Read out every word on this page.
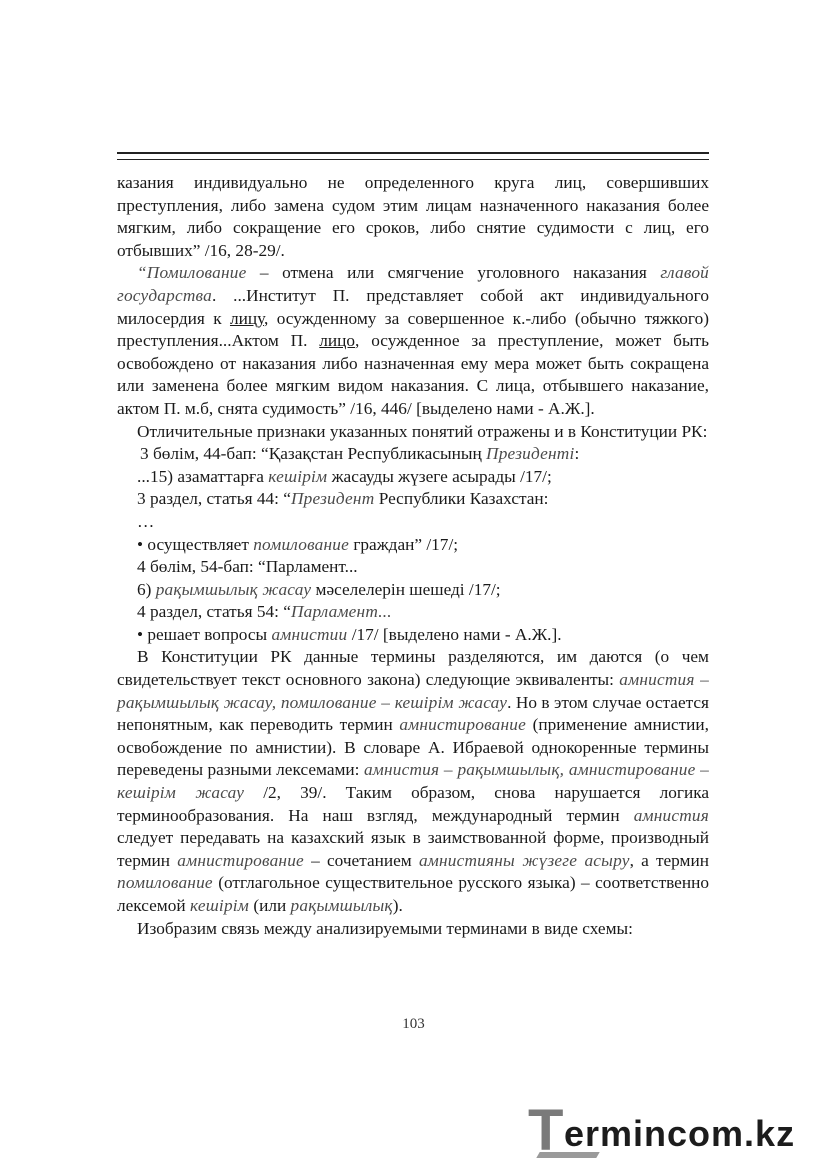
казания индивидуально не определенного круга лиц, совершивших преступления, либо замена судом этим лицам назначенного наказания более мягким, либо сокращение его сроков, либо снятие судимости с лиц, его отбывших” /16, 28-29/.

“Помилование – отмена или смягчение уголовного наказания главой государства. ...Институт П. представляет собой акт индивидуального милосердия к лицу, осужденному за совершенное к.-либо (обычно тяжкого) преступления...Актом П. лицо, осужденное за преступление, может быть освобождено от наказания либо назначенная ему мера может быть сокращена или заменена более мягким видом наказания. С лица, отбывшего наказание, актом П. м.б, снята судимость” /16, 446/ [выделено нами - А.Ж.].

Отличительные признаки указанных понятий отражены и в Конституции РК:

3 бөлім, 44-бап: “Қазақстан Республикасының Президенті:

...15) азаматтарға кешірім жасауды жүзеге асырады /17/;

3 раздел, статья 44: “Президент Республики Казахстан:

…

• осуществляет помилование граждан” /17/;

4 бөлім, 54-бап: “Парламент...

6) рақымшылық жасау мәселелерін шешеді /17/;

4 раздел, статья 54: “Парламент...

• решает вопросы амнистии /17/ [выделено нами - А.Ж.].

В Конституции РК данные термины разделяются, им даются (о чем свидетельствует текст основного закона) следующие эквиваленты: амнистия – рақымшылық жасау, помилование – кешірім жасау. Но в этом случае остается непонятным, как переводить термин амнистирование (применение амнистии, освобождение по амнистии). В словаре А. Ибраевой однокоренные термины переведены разными лексемами: амнистия – рақымшылық, амнистирование – кешірім жасау /2, 39/. Таким образом, снова нарушается логика терминообразования. На наш взгляд, международный термин амнистия следует передавать на казахский язык в заимствованной форме, производный термин амнистирование – сочетанием амнистияны жүзеге асыру, а термин помилование (отглагольное существительное русского языка) – соответственно лексемой кешірім (или рақымшылық).

Изобразим связь между анализируемыми терминами в виде схемы:

103
T ermincom.kz
